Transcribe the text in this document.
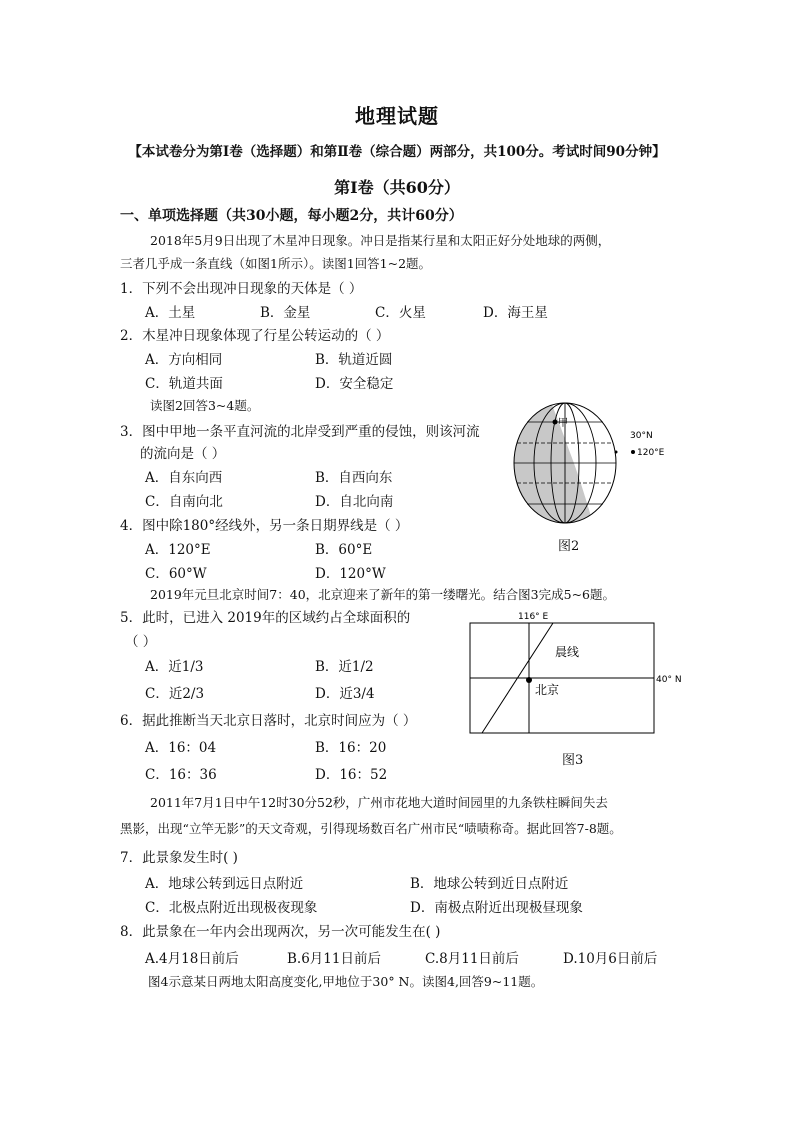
地理试题
【本试卷分为第Ⅰ卷（选择题）和第Ⅱ卷（综合题）两部分，共100分。考试时间90分钟】
第Ⅰ卷（共60分）
一、单项选择题（共30小题，每小题2分，共计60分）
2018年5月9日出现了木星冲日现象。冲日是指某行星和太阳正好分处地球的两侧，
三者几乎成一条直线（如图1所示）。读图1回答1~2题。
1．下列不会出现冲日现象的天体是（ ）
A．土星	B．金星	C．火星	D．海王星
2．木星冲日现象体现了行星公转运动的（ ）
A．方向相同	B．轨道近圆
C．轨道共面	D．安全稳定
读图2回答3~4题。
3．图中甲地一条平直河流的北岸受到严重的侵蚀，则该河流
的流向是（ ）
A．自东向西	B．自西向东
C．自南向北	D．自北向南
4．图中除180°经线外，另一条日期界线是（ ）
A．120°E	B．60°E
C．60°W	D．120°W
甲
30°N
120°E
图2
2019年元旦北京时间7：40，北京迎来了新年的第一缕曙光。结合图3完成5~6题。
5．此时，已进入 2019年的区域约占全球面积的
（ ）
A．近1/3	B．近1/2
C．近2/3	D．近3/4
6．据此推断当天北京日落时，北京时间应为（ ）
A．16：04	B．16：20
C．16：36	D．16：52
116° E
40° N
晨线
北京
图3
2011年7月1日中午12时30分52秒，广州市花地大道时间园里的九条铁柱瞬间失去
黑影，出现“立竿无影”的天文奇观，引得现场数百名广州市民“啧啧称奇。据此回答7-8题。
7．此景象发生时( )
A．地球公转到远日点附近	B．地球公转到近日点附近
C．北极点附近出现极夜现象	D．南极点附近出现极昼现象
8．此景象在一年内会出现两次，另一次可能发生在( )
A.4月18日前后	B.6月11日前后	C.8月11日前后	D.10月6日前后
图4示意某日两地太阳高度变化,甲地位于30° N。读图4,回答9~11题。
